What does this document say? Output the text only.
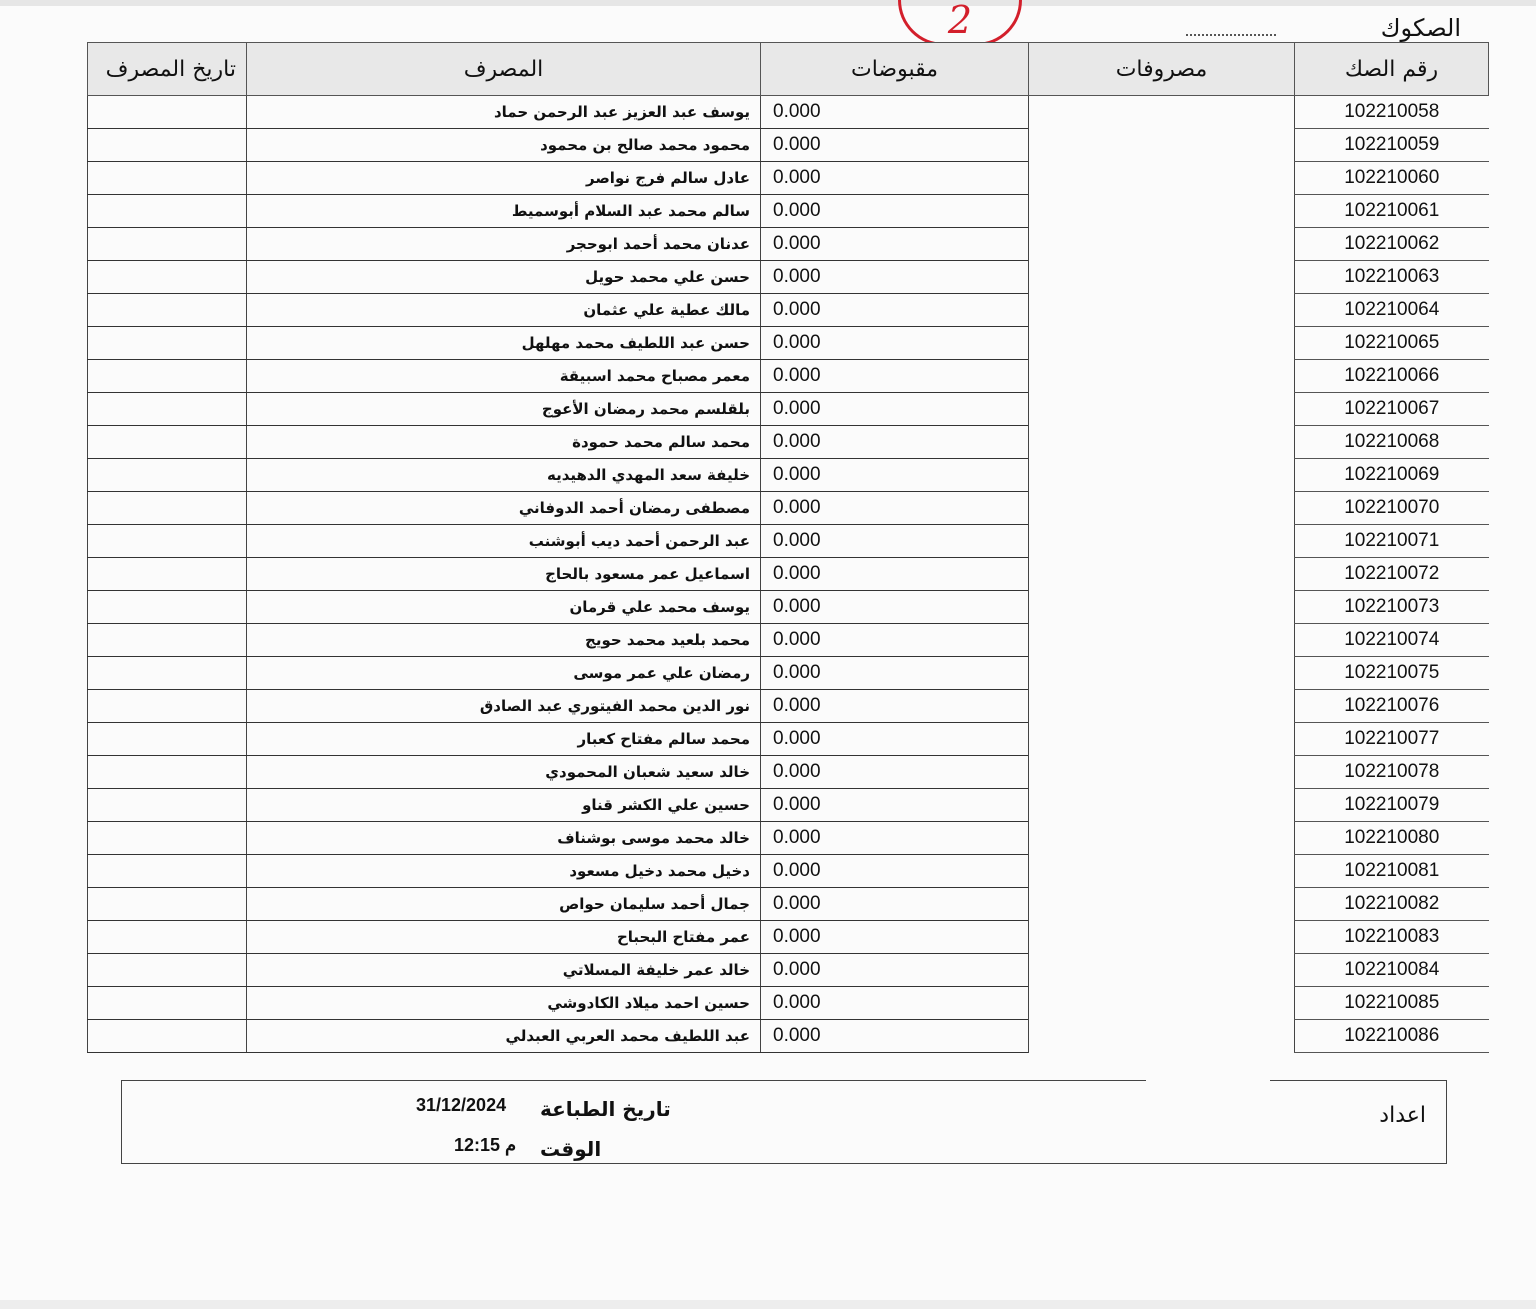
2	الصكوك
رقم الصك	مصروفات	مقبوضات	المصرف	تاريخ المصرف
102210058		0.000	يوسف عبد العزيز عبد الرحمن حماد	
102210059		0.000	محمود محمد صالح بن محمود	
102210060		0.000	عادل سالم فرج نواصر	
102210061		0.000	سالم محمد عبد السلام أبوسميط	
102210062		0.000	عدنان محمد أحمد ابوحجر	
102210063		0.000	حسن علي محمد حويل	
102210064		0.000	مالك عطية علي عثمان	
102210065		0.000	حسن عبد اللطيف محمد مهلهل	
102210066		0.000	معمر مصباح محمد اسبيقة	
102210067		0.000	بلقلسم محمد رمضان الأعوج	
102210068		0.000	محمد سالم محمد حمودة	
102210069		0.000	خليفة سعد المهدي الدهيديه	
102210070		0.000	مصطفى رمضان أحمد الدوفاني	
102210071		0.000	عبد الرحمن أحمد ديب أبوشنب	
102210072		0.000	اسماعيل عمر مسعود بالحاج	
102210073		0.000	يوسف محمد علي قرمان	
102210074		0.000	محمد بلعيد محمد حويج	
102210075		0.000	رمضان علي عمر موسى	
102210076		0.000	نور الدين محمد الفيتوري عبد الصادق	
102210077		0.000	محمد سالم مفتاح كعبار	
102210078		0.000	خالد سعيد شعبان المحمودي	
102210079		0.000	حسين علي الكشر قناو	
102210080		0.000	خالد محمد موسى بوشناف	
102210081		0.000	دخيل محمد دخيل مسعود	
102210082		0.000	جمال أحمد سليمان حواص	
102210083		0.000	عمر مفتاح البحباح	
102210084		0.000	خالد عمر خليفة المسلاتي	
102210085		0.000	حسين احمد ميلاد الكادوشي	
102210086		0.000	عبد اللطيف محمد العربي العبدلي	
اعداد
تاريخ الطباعة
31/12/2024
الوقت
م 12:15
